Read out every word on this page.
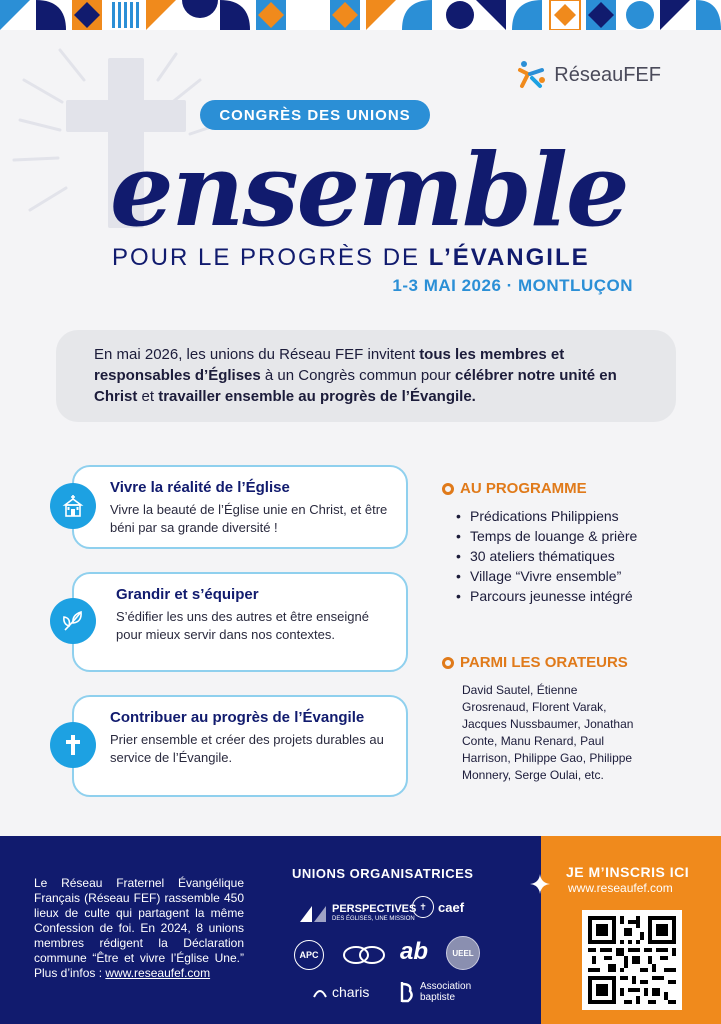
RéseauFEF
CONGRÈS DES UNIONS
ensemble
POUR LE PROGRÈS DE L’ÉVANGILE
1-3 MAI 2026 · MONTLUÇON
En mai 2026, les unions du Réseau FEF invitent tous les membres et responsables d’Églises à un Congrès commun pour célébrer notre unité en Christ et travailler ensemble au progrès de l’Évangile.
Vivre la réalité de l’Église

Vivre la beauté de l’Église unie en Christ, et être béni par sa grande diversité !

Grandir et s’équiper

S’édifier les uns des autres et être enseigné pour mieux servir dans nos contextes.

Contribuer au progrès de l’Évangile

Prier ensemble et créer des projets durables au service de l’Évangile.

AU PROGRAMME
• Prédications Philippiens
• Temps de louange & prière
• 30 ateliers thématiques
• Village “Vivre ensemble”
• Parcours jeunesse intégré
PARMI LES ORATEURS
David Sautel, Étienne Grosrenaud, Florent Varak, Jacques Nussbaumer, Jonathan Conte, Manu Renard, Paul Harrison, Philippe Gao, Philippe Monnery, Serge Oulai, etc.
Le Réseau Fraternel Évangélique Français (Réseau FEF) rassemble 450 lieux de culte qui partagent la même Confession de foi. En 2024, 8 unions membres rédigent la Déclaration commune “Être et vivre l’Église Une.” Plus d’infos : www.reseaufef.com
UNIONS ORGANISATRICES
PERSPECTIVES
DES ÉGLISES, UNE MISSION
✝ caef
APC	ab	UEEL
charis	Association
baptiste
JE M’INSCRIS ICI
www.reseaufef.com
